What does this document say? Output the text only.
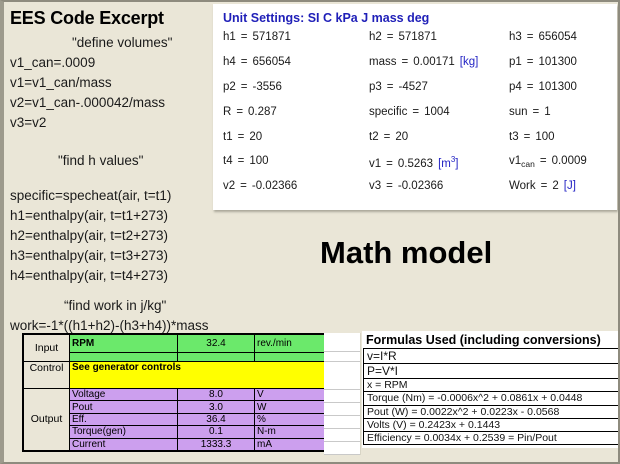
EES Code Excerpt
"define volumes"
v1_can=.0009
v1=v1_can/mass
v2=v1_can-.000042/mass
v3=v2
"find h values"
specific=specheat(air, t=t1)
h1=enthalpy(air, t=t1+273)
h2=enthalpy(air, t=t2+273)
h3=enthalpy(air, t=t3+273)
h4=enthalpy(air, t=t4+273)
“find work in j/kg"
work=-1*((h1+h2)-(h3+h4))*mass
Unit Settings: SI C kPa J mass deg
h1 = 571871	h2 = 571871	h3 = 656054
h4 = 656054	mass = 0.00171 [kg]	p1 = 101300
p2 = -3556	p3 = -4527	p4 = 101300
R = 0.287	specific = 1004	sun = 1
t1 = 20	t2 = 20	t3 = 100
t4 = 100	v1 = 0.5263 $[m^3]$	$v1_{can} = 0.0009$
v2 = -0.02366	v3 = -0.02366	Work = 2 [J]
Math model
Input	RPM	32.4	rev./min

Control	See generator controls		
Output	Voltage	8.0	V
	Pout	3.0	W
	Eff.	36.4	%
	Torque(gen)	0.1	N-m
	Current	1333.3	mA
Formulas Used (including conversions)
v=I*R
P=V*I
x = RPM
Torque (Nm) = -0.0006x^2 + 0.0861x + 0.0448
Pout (W) = 0.0022x^2 + 0.0223x - 0.0568
Volts (V) = 0.2423x + 0.1443
Efficiency = 0.0034x + 0.2539 = Pin/Pout
